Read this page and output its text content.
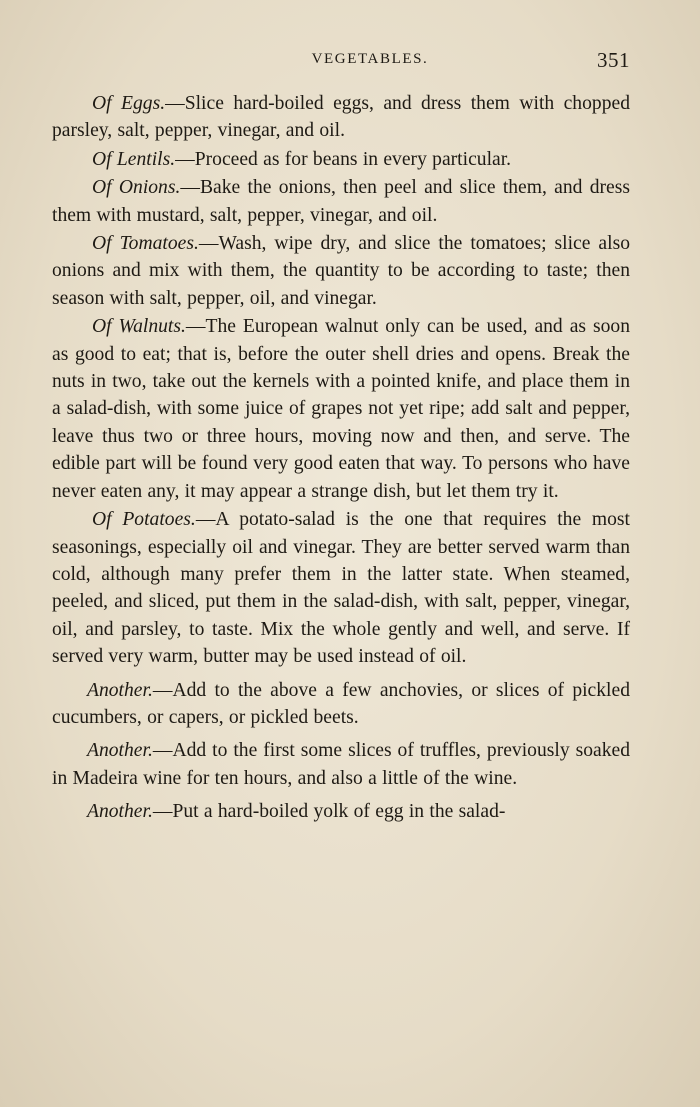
VEGETABLES.	351

Of Eggs.—Slice hard-boiled eggs, and dress them with chopped parsley, salt, pepper, vinegar, and oil.

Of Lentils.—Proceed as for beans in every particular.

Of Onions.—Bake the onions, then peel and slice them, and dress them with mustard, salt, pepper, vinegar, and oil.

Of Tomatoes.—Wash, wipe dry, and slice the tomatoes; slice also onions and mix with them, the quantity to be according to taste; then season with salt, pepper, oil, and vinegar.

Of Walnuts.—The European walnut only can be used, and as soon as good to eat; that is, before the outer shell dries and opens. Break the nuts in two, take out the kernels with a pointed knife, and place them in a salad-dish, with some juice of grapes not yet ripe; add salt and pepper, leave thus two or three hours, moving now and then, and serve. The edible part will be found very good eaten that way. To persons who have never eaten any, it may appear a strange dish, but let them try it.

Of Potatoes.—A potato-salad is the one that requires the most seasonings, especially oil and vinegar. They are better served warm than cold, although many prefer them in the latter state. When steamed, peeled, and sliced, put them in the salad-dish, with salt, pepper, vinegar, oil, and parsley, to taste. Mix the whole gently and well, and serve. If served very warm, butter may be used instead of oil.

Another.—Add to the above a few anchovies, or slices of pickled cucumbers, or capers, or pickled beets.

Another.—Add to the first some slices of truffles, previously soaked in Madeira wine for ten hours, and also a little of the wine.

Another.—Put a hard-boiled yolk of egg in the salad-
